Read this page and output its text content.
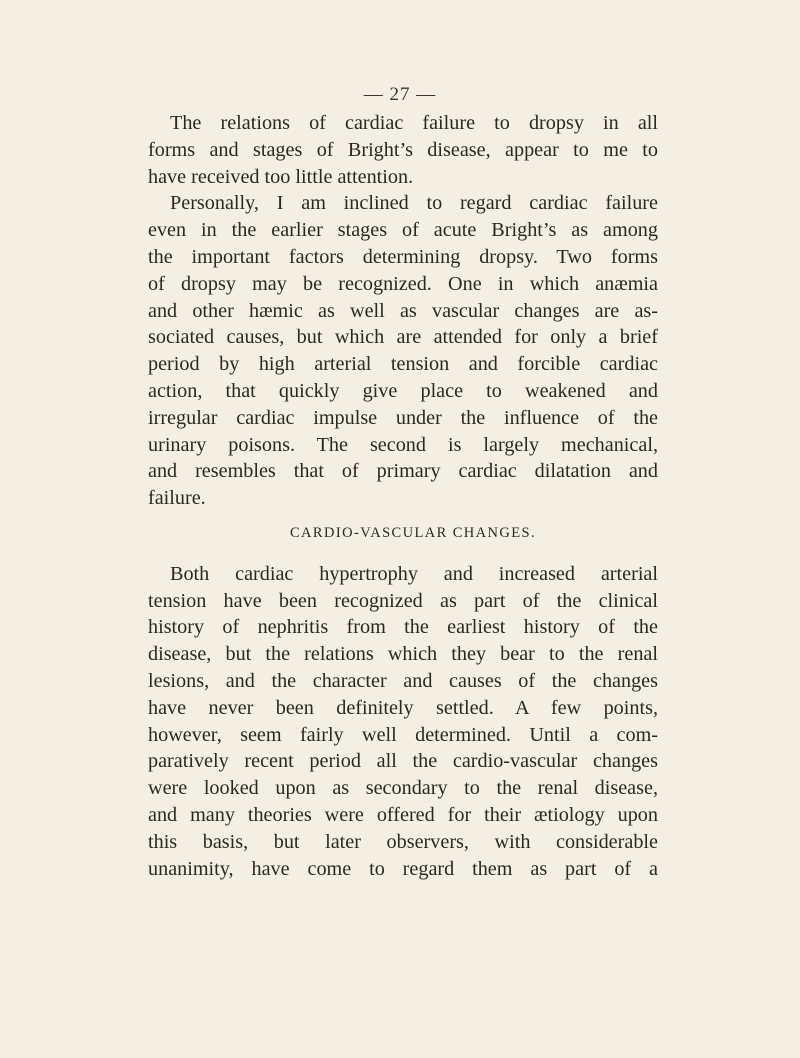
— 27 —
The relations of cardiac failure to dropsy in all
forms and stages of Bright’s disease, appear to me to
have received too little attention.
Personally, I am inclined to regard cardiac failure
even in the earlier stages of acute Bright’s as among
the important factors determining dropsy. Two forms
of dropsy may be recognized. One in which anæmia
and other hæmic as well as vascular changes are as-
sociated causes, but which are attended for only a brief
period by high arterial tension and forcible cardiac
action, that quickly give place to weakened and
irregular cardiac impulse under the influence of the
urinary poisons. The second is largely mechanical,
and resembles that of primary cardiac dilatation and
failure.
CARDIO-VASCULAR CHANGES.
Both cardiac hypertrophy and increased arterial
tension have been recognized as part of the clinical
history of nephritis from the earliest history of the
disease, but the relations which they bear to the renal
lesions, and the character and causes of the changes
have never been definitely settled. A few points,
however, seem fairly well determined. Until a com-
paratively recent period all the cardio-vascular changes
were looked upon as secondary to the renal disease,
and many theories were offered for their ætiology upon
this basis, but later observers, with considerable
unanimity, have come to regard them as part of a
